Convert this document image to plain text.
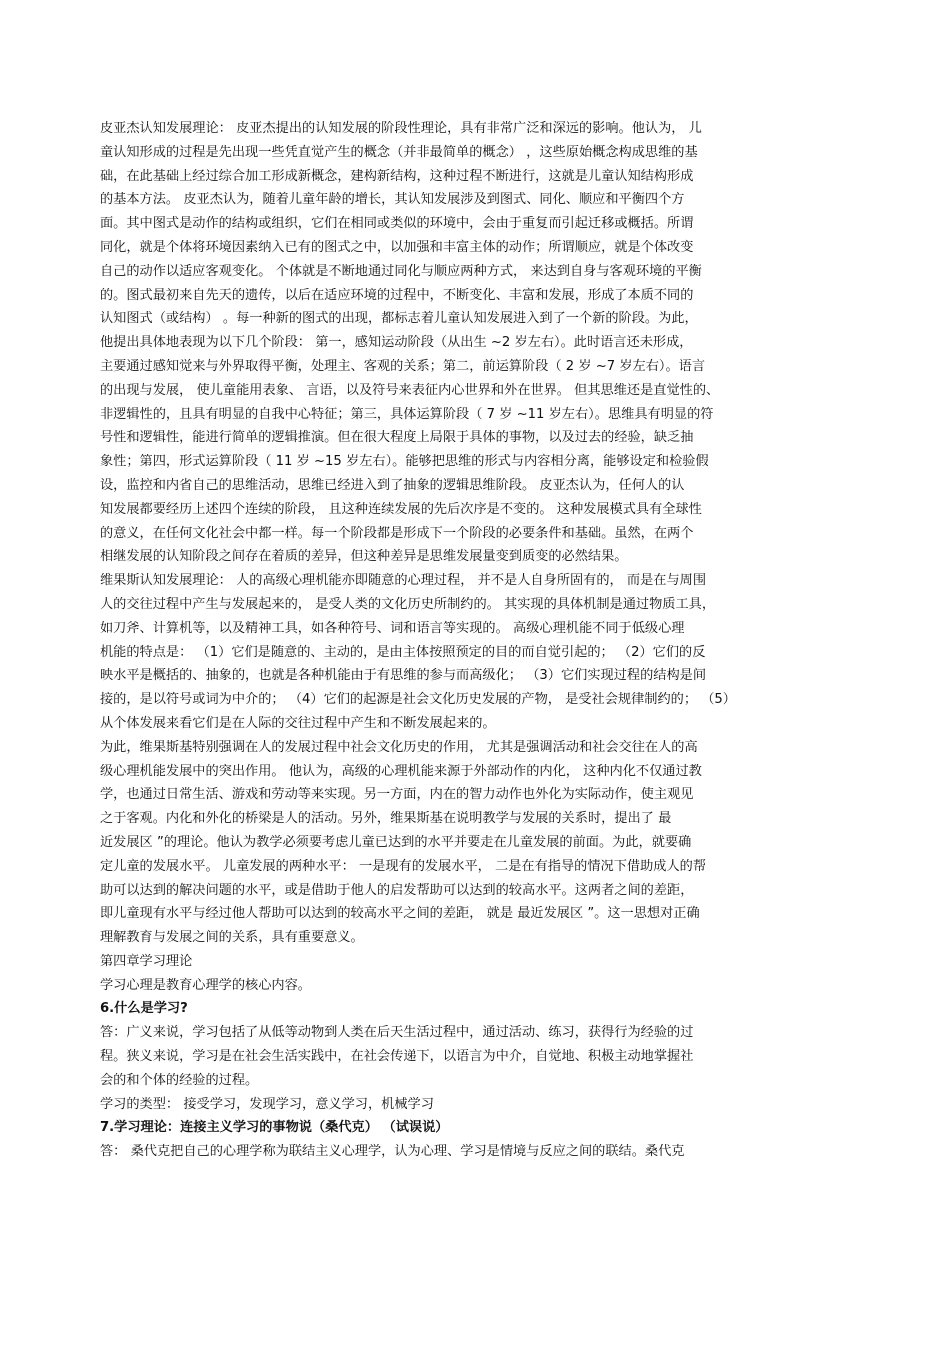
皮亚杰认知发展理论： 皮亚杰提出的认知发展的阶段性理论，具有非常广泛和深远的影响。他认为， 儿
童认知形成的过程是先出现一些凭直觉产生的概念（并非最简单的概念） ，这些原始概念构成思维的基
础，在此基础上经过综合加工形成新概念，建构新结构，这种过程不断进行，这就是儿童认知结构形成
的基本方法。 皮亚杰认为，随着儿童年龄的增长，其认知发展涉及到图式、同化、顺应和平衡四个方
面。其中图式是动作的结构或组织，它们在相同或类似的环境中，会由于重复而引起迁移或概括。所谓
同化，就是个体将环境因素纳入已有的图式之中，以加强和丰富主体的动作；所谓顺应，就是个体改变
自己的动作以适应客观变化。 个体就是不断地通过同化与顺应两种方式， 来达到自身与客观环境的平衡
的。图式最初来自先天的遗传，以后在适应环境的过程中，不断变化、丰富和发展，形成了本质不同的
认知图式（或结构） 。每一种新的图式的出现，都标志着儿童认知发展进入到了一个新的阶段。为此，
他提出具体地表现为以下几个阶段： 第一，感知运动阶段（从出生 ~2 岁左右）。此时语言还未形成，
主要通过感知觉来与外界取得平衡，处理主、客观的关系；第二，前运算阶段（ 2 岁 ~7 岁左右）。语言
的出现与发展， 使儿童能用表象、 言语，以及符号来表征内心世界和外在世界。 但其思维还是直觉性的、
非逻辑性的，且具有明显的自我中心特征；第三，具体运算阶段（ 7 岁 ~11 岁左右）。思维具有明显的符
号性和逻辑性，能进行简单的逻辑推演。但在很大程度上局限于具体的事物，以及过去的经验，缺乏抽
象性；第四，形式运算阶段（ 11 岁 ~15 岁左右）。能够把思维的形式与内容相分离，能够设定和检验假
设，监控和内省自己的思维活动，思维已经进入到了抽象的逻辑思维阶段。 皮亚杰认为，任何人的认
知发展都要经历上述四个连续的阶段， 且这种连续发展的先后次序是不变的。 这种发展模式具有全球性
的意义，在任何文化社会中都一样。每一个阶段都是形成下一个阶段的必要条件和基础。虽然，在两个
相继发展的认知阶段之间存在着质的差异，但这种差异是思维发展量变到质变的必然结果。
维果斯认知发展理论： 人的高级心理机能亦即随意的心理过程， 并不是人自身所固有的， 而是在与周围
人的交往过程中产生与发展起来的， 是受人类的文化历史所制约的。 其实现的具体机制是通过物质工具，
如刀斧、计算机等，以及精神工具，如各种符号、词和语言等实现的。 高级心理机能不同于低级心理
机能的特点是： （1）它们是随意的、主动的，是由主体按照预定的目的而自觉引起的； （2）它们的反
映水平是概括的、抽象的，也就是各种机能由于有思维的参与而高级化； （3）它们实现过程的结构是间
接的，是以符号或词为中介的； （4）它们的起源是社会文化历史发展的产物， 是受社会规律制约的； （5）
从个体发展来看它们是在人际的交往过程中产生和不断发展起来的。
为此，维果斯基特别强调在人的发展过程中社会文化历史的作用， 尤其是强调活动和社会交往在人的高
级心理机能发展中的突出作用。 他认为，高级的心理机能来源于外部动作的内化， 这种内化不仅通过教
学，也通过日常生活、游戏和劳动等来实现。另一方面，内在的智力动作也外化为实际动作，使主观见
之于客观。内化和外化的桥梁是人的活动。另外，维果斯基在说明教学与发展的关系时，提出了 最
近发展区 ”的理论。他认为教学必须要考虑儿童已达到的水平并要走在儿童发展的前面。为此，就要确
定儿童的发展水平。 儿童发展的两种水平： 一是现有的发展水平， 二是在有指导的情况下借助成人的帮
助可以达到的解决问题的水平，或是借助于他人的启发帮助可以达到的较高水平。这两者之间的差距，
即儿童现有水平与经过他人帮助可以达到的较高水平之间的差距， 就是 最近发展区 ”。这一思想对正确
理解教育与发展之间的关系，具有重要意义。
第四章学习理论
学习心理是教育心理学的核心内容。
6.什么是学习?
答：广义来说，学习包括了从低等动物到人类在后天生活过程中，通过活动、练习，获得行为经验的过
程。狭义来说，学习是在社会生活实践中，在社会传递下，以语言为中介，自觉地、积极主动地掌握社
会的和个体的经验的过程。
学习的类型： 接受学习，发现学习，意义学习，机械学习
7.学习理论：连接主义学习的事物说（桑代克） （试误说）
答： 桑代克把自己的心理学称为联结主义心理学，认为心理、学习是情境与反应之间的联结。桑代克
